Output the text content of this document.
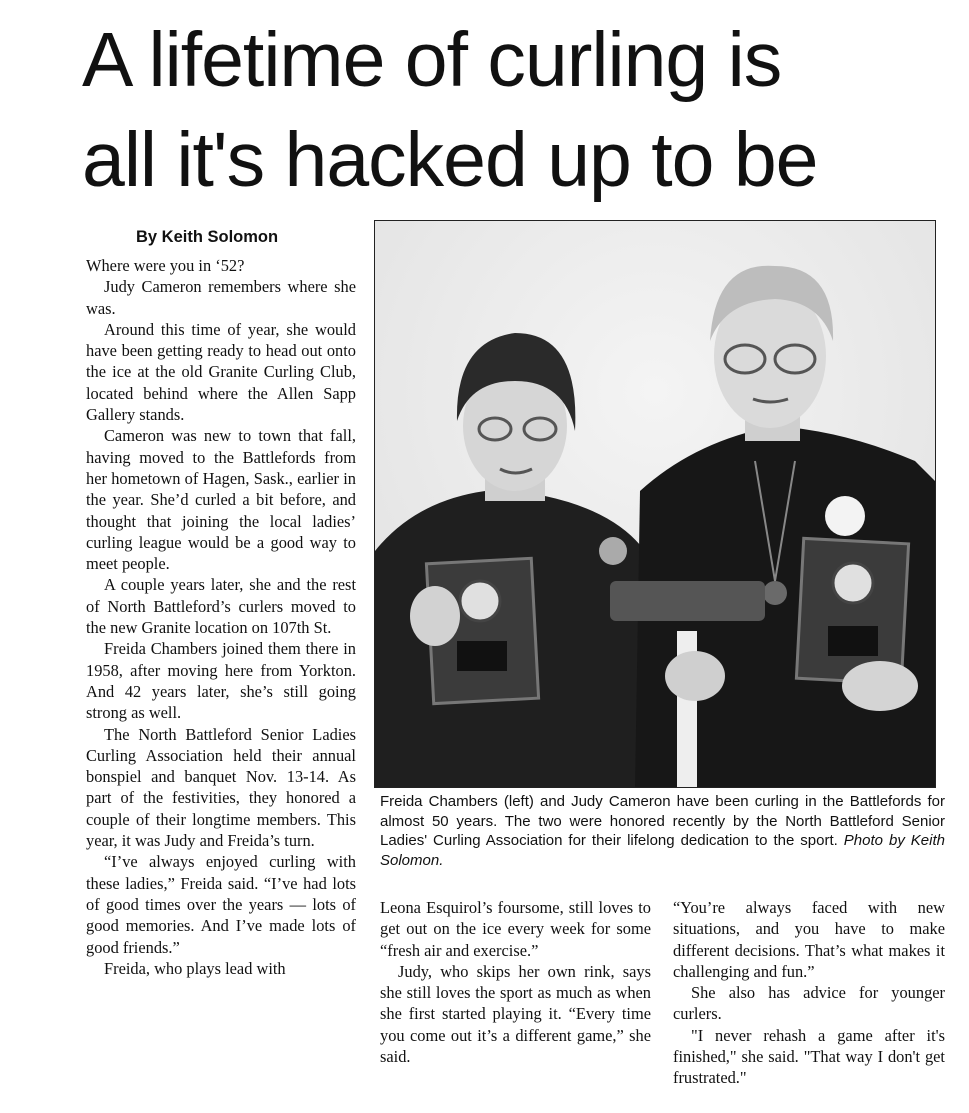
A lifetime of curling is
all it's hacked up to be
By Keith Solomon

Where were you in ‘52?

Judy Cameron remembers where she was.

Around this time of year, she would have been getting ready to head out onto the ice at the old Granite Curling Club, located behind where the Allen Sapp Gallery stands.

Cameron was new to town that fall, having moved to the Battlefords from her hometown of Hagen, Sask., earlier in the year. She’d curled a bit before, and thought that joining the local ladies’ curling league would be a good way to meet people.

A couple years later, she and the rest of North Battleford’s curlers moved to the new Granite location on 107th St.

Freida Chambers joined them there in 1958, after moving here from Yorkton. And 42 years later, she’s still going strong as well.

The North Battleford Senior Ladies Curling Association held their annual bonspiel and banquet Nov. 13-14. As part of the festivities, they honored a couple of their longtime members. This year, it was Judy and Freida’s turn.

“I’ve always enjoyed curling with these ladies,” Freida said. “I’ve had lots of good times over the years — lots of good memories. And I’ve made lots of good friends.”

Freida, who plays lead with

Freida Chambers (left) and Judy Cameron have been curling in the Battlefords for almost 50 years. The two were honored recently by the North Battleford Senior Ladies' Curling Association for their lifelong dedication to the sport. Photo by Keith Solomon.

Leona Esquirol’s foursome, still loves to get out on the ice every week for some “fresh air and exercise.”

Judy, who skips her own rink, says she still loves the sport as much as when she first started playing it. “Every time you come out it’s a different game,” she said.

“You’re always faced with new situations, and you have to make different decisions. That’s what makes it challenging and fun.”

She also has advice for younger curlers.

"I never rehash a game after it's finished," she said. "That way I don't get frustrated."
